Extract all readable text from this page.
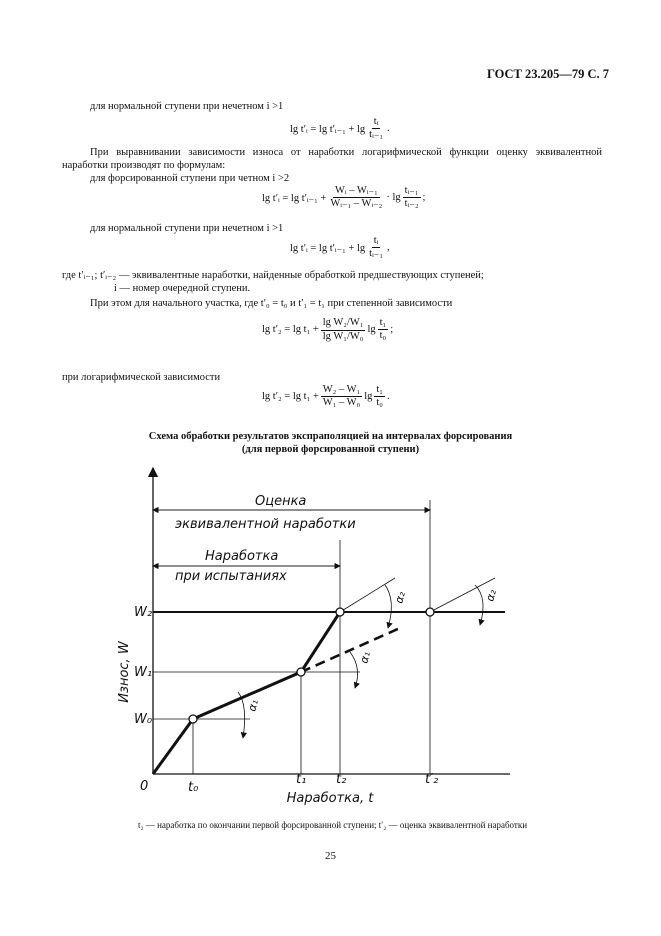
ГОСТ 23.205—79 С. 7
для нормальной ступени при нечетном i >1
lg t′ᵢ = lg t′ᵢ₋₁ + $\lg \frac{\text{tᵢ}}{\text{tᵢ₋₁}}$ .
При выравнивании зависимости износа от наработки логарифмической функции оценку эквивалентной наработки производят по формулам:
для форсированной ступени при четном i >2
lg t′ᵢ = lg t′ᵢ₋₁ + $\frac{\text{Wᵢ – Wᵢ₋₁}}{\text{Wᵢ₋₁ – Wᵢ₋₂}} \cdot \lg \frac{\text{tᵢ₋₁}}{\text{tᵢ₋₂}}$ ;
для нормальной ступени при нечетном i >1
lg t′ᵢ = lg t′ᵢ₋₁ + $\lg \frac{\text{tᵢ}}{\text{tᵢ₋₁}}$ ,
где t′ᵢ₋₁; t′ᵢ₋₂ — эквивалентные наработки, найденные обработкой предшествующих ступеней;
i — номер очередной ступени.
При этом для начального участка, где t′₀ = t₀ и t′₁ = t₁ при степенной зависимости
$\lg t'_2 = \lg t_1 + \frac{\text{lg W₂/W₁}}{\text{lg W₁/W₀}}$ $\lg \frac{\text{t₁}}{\text{t₀}}$ ;
при логарифмической зависимости
$\lg t'_2 = \lg t_1 + \frac{\text{W₂ – W₁}}{\text{W₁ – W₀}}$ $\lg \frac{\text{t₁}}{\text{t₀}}$ .
Схема обработки результатов экспраполяцией на интервалах форсирования
(для первой форсированной ступени)
Оценка
эквивалентной наработки
Наработка
при испытаниях
Износ, W
Наработка, t
0	t₀
t₁ t₂	t′₂
W₀
W₁
W₂
α₁
α₁
α₂	α₂
t₂ — наработка по окончании первой форсированной ступени; t′₂ — оценка эквивалентной наработки
25
